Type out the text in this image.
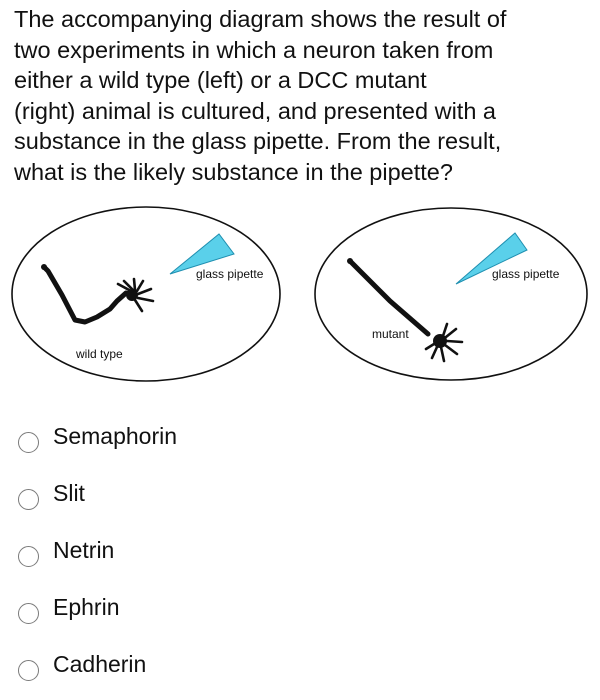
The accompanying diagram shows the result of
two experiments in which a neuron taken from
either a wild type (left) or a DCC mutant
(right) animal is cultured, and presented with a
substance in the glass pipette. From the result,
what is the likely substance in the pipette?
glass pipette
wild type
glass pipette
mutant
Semaphorin
Slit
Netrin
Ephrin
Cadherin
